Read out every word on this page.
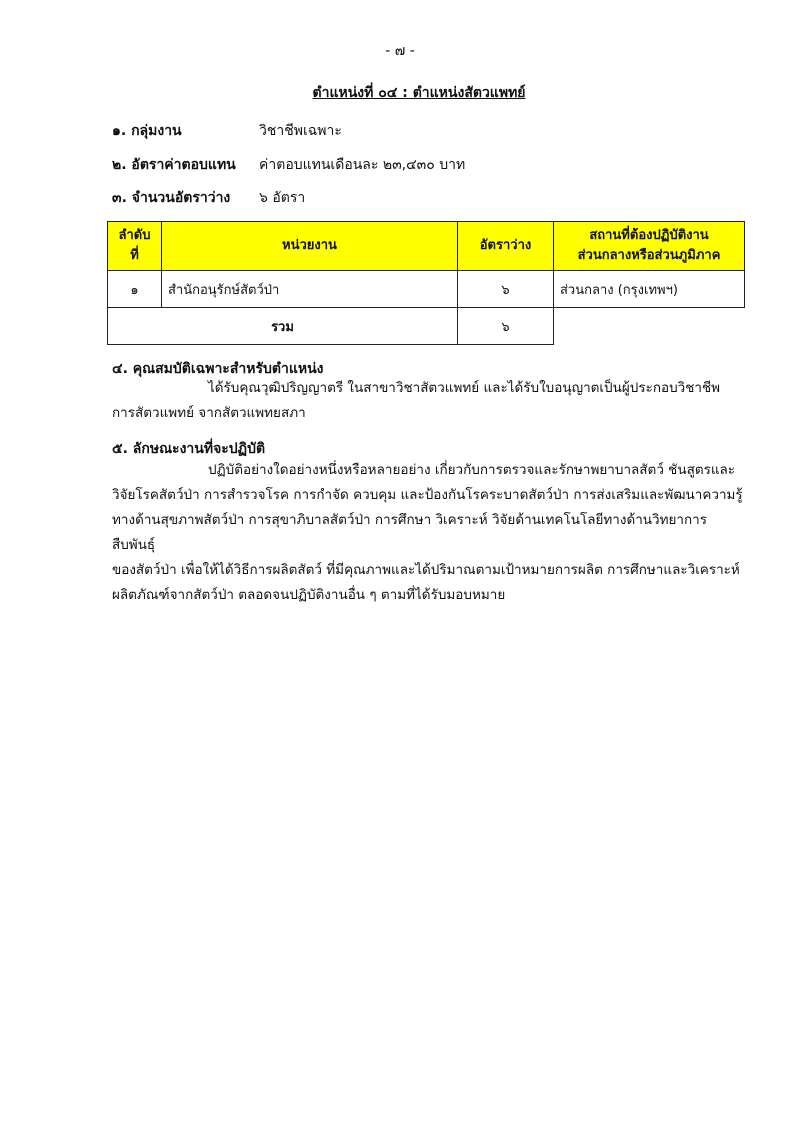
- ๗ -
ตำแหน่งที่ ๐๔ : ตำแหน่งสัตวแพทย์
๑. กลุ่มงาน	วิชาชีพเฉพาะ
๒. อัตราค่าตอบแทน	ค่าตอบแทนเดือนละ ๒๓,๔๓๐ บาท
๓. จำนวนอัตราว่าง	๖ อัตรา
ลำดับ ที่	หน่วยงาน	อัตราว่าง	สถานที่ต้องปฏิบัติงาน
ส่วนกลางหรือส่วนภูมิภาค

๑	สำนักอนุรักษ์สัตว์ป่า	๖	ส่วนกลาง (กรุงเทพฯ)
รวม		๖	
๔. คุณสมบัติเฉพาะสำหรับตำแหน่ง
ได้รับคุณวุฒิปริญญาตรี ในสาขาวิชาสัตวแพทย์ และได้รับใบอนุญาตเป็นผู้ประกอบวิชาชีพ
การสัตวแพทย์ จากสัตวแพทยสภา
๕. ลักษณะงานที่จะปฏิบัติ
ปฏิบัติอย่างใดอย่างหนึ่งหรือหลายอย่าง เกี่ยวกับการตรวจและรักษาพยาบาลสัตว์ ชันสูตรและ
วิจัยโรคสัตว์ป่า การสำรวจโรค การกำจัด ควบคุม และป้องกันโรคระบาดสัตว์ป่า การส่งเสริมและพัฒนาความรู้
ทางด้านสุขภาพสัตว์ป่า การสุขาภิบาลสัตว์ป่า การศึกษา วิเคราะห์ วิจัยด้านเทคโนโลยีทางด้านวิทยาการสืบพันธุ์
ของสัตว์ป่า เพื่อให้ได้วิธีการผลิตสัตว์ ที่มีคุณภาพและได้ปริมาณตามเป้าหมายการผลิต การศึกษาและวิเคราะห์
ผลิตภัณฑ์จากสัตว์ป่า ตลอดจนปฏิบัติงานอื่น ๆ ตามที่ได้รับมอบหมาย
